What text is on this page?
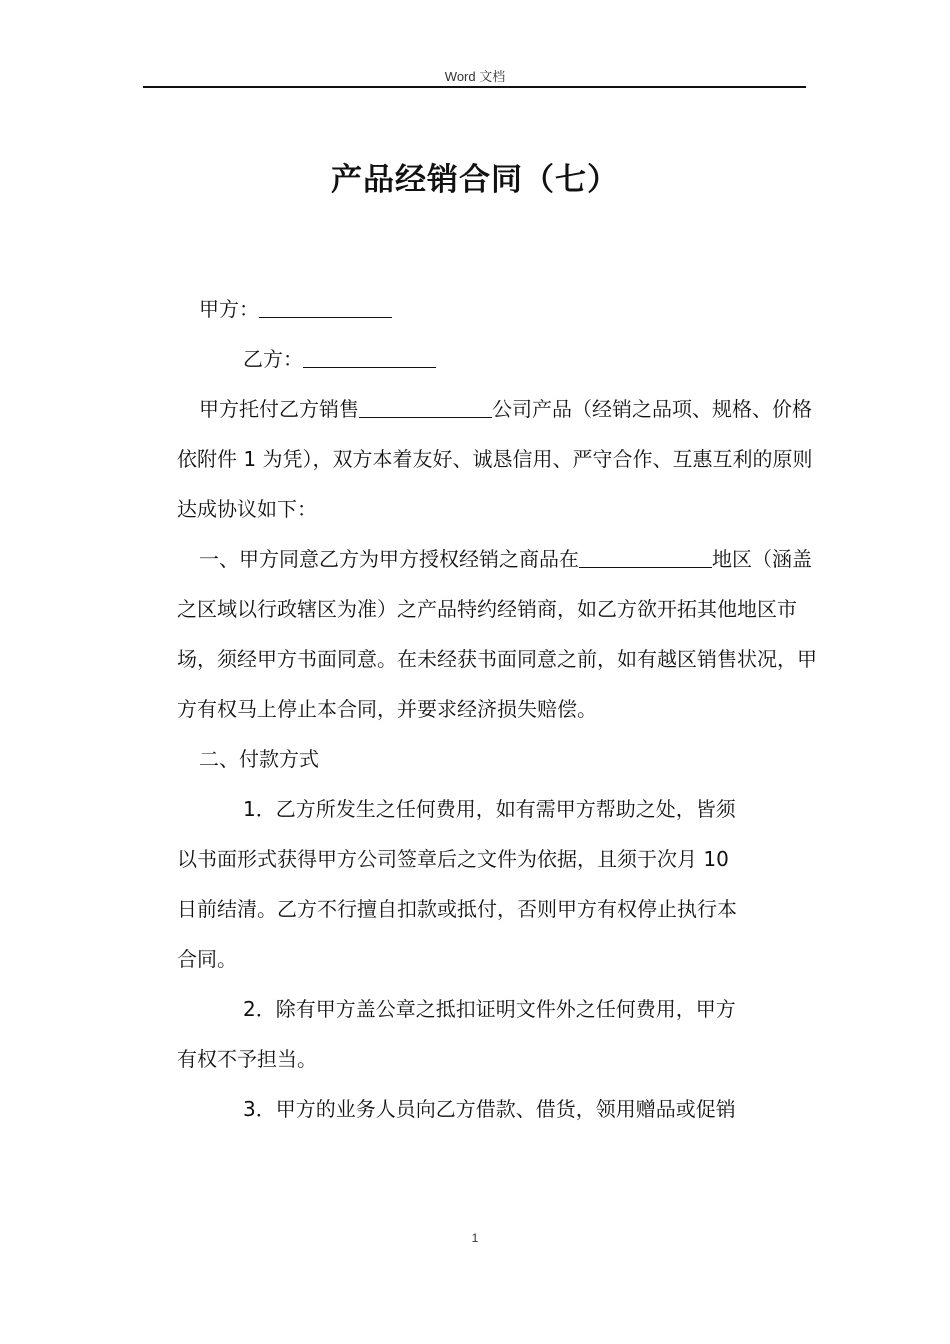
Word 文档
产品经销合同（七）

甲方：

乙方：

甲方托付乙方销售	公司产品（经销之品项、规格、价格依附件 1 为凭），双方本着友好、诚恳信用、严守合作、互惠互利的原则达成协议如下：

一、甲方同意乙方为甲方授权经销之商品在	地区（涵盖之区域以行政辖区为准）之产品特约经销商，如乙方欲开拓其他地区市场，须经甲方书面同意。在未经获书面同意之前，如有越区销售状况，甲方有权马上停止本合同，并要求经济损失赔偿。

二、付款方式

1．乙方所发生之任何费用，如有需甲方帮助之处，皆须

以书面形式获得甲方公司签章后之文件为依据，且须于次月 10

日前结清。乙方不行擅自扣款或抵付，否则甲方有权停止执行本

合同。

2．除有甲方盖公章之抵扣证明文件外之任何费用，甲方

有权不予担当。

3．甲方的业务人员向乙方借款、借货，领用赠品或促销

1
